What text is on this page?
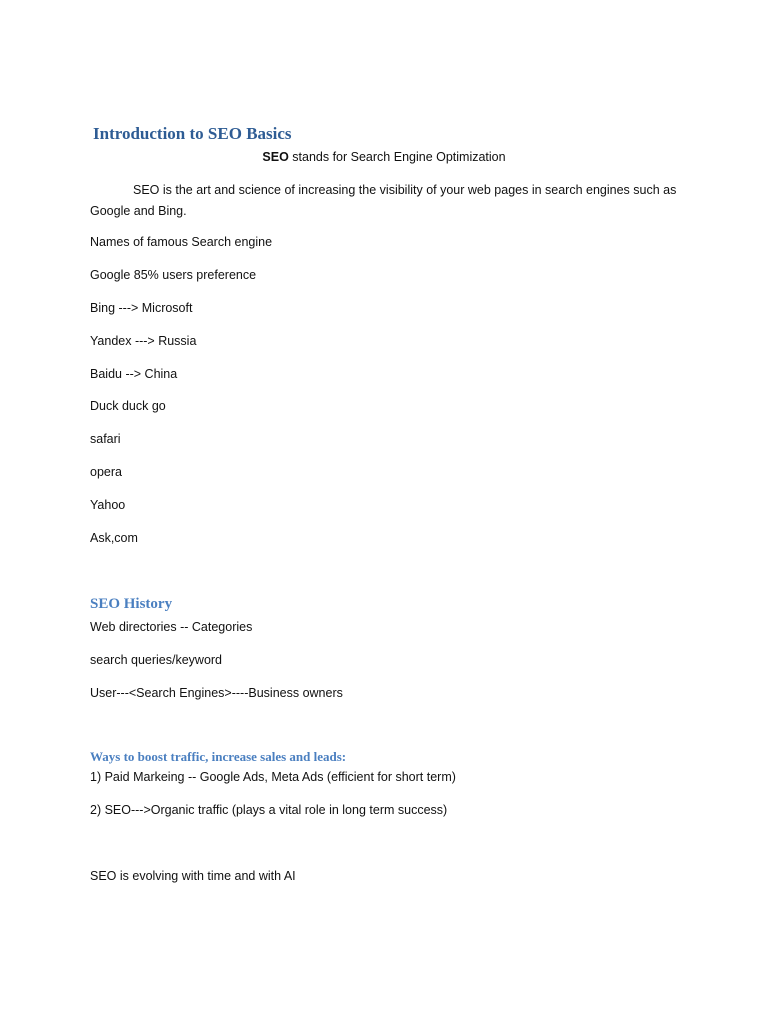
Introduction to SEO Basics

SEO stands for Search Engine Optimization

SEO is the art and science of increasing the visibility of your web pages in search engines such as Google and Bing.

Names of famous Search engine

Google 85% users preference

Bing ---> Microsoft

Yandex ---> Russia

Baidu --> China

Duck duck go

safari

opera

Yahoo

Ask,com

SEO History

Web directories -- Categories

search queries/keyword

User---<Search Engines>----Business owners

Ways to boost traffic, increase sales and leads:

1) Paid Markeing -- Google Ads, Meta Ads (efficient for short term)

2) SEO--->Organic traffic (plays a vital role in long term success)

SEO is evolving with time and with AI
